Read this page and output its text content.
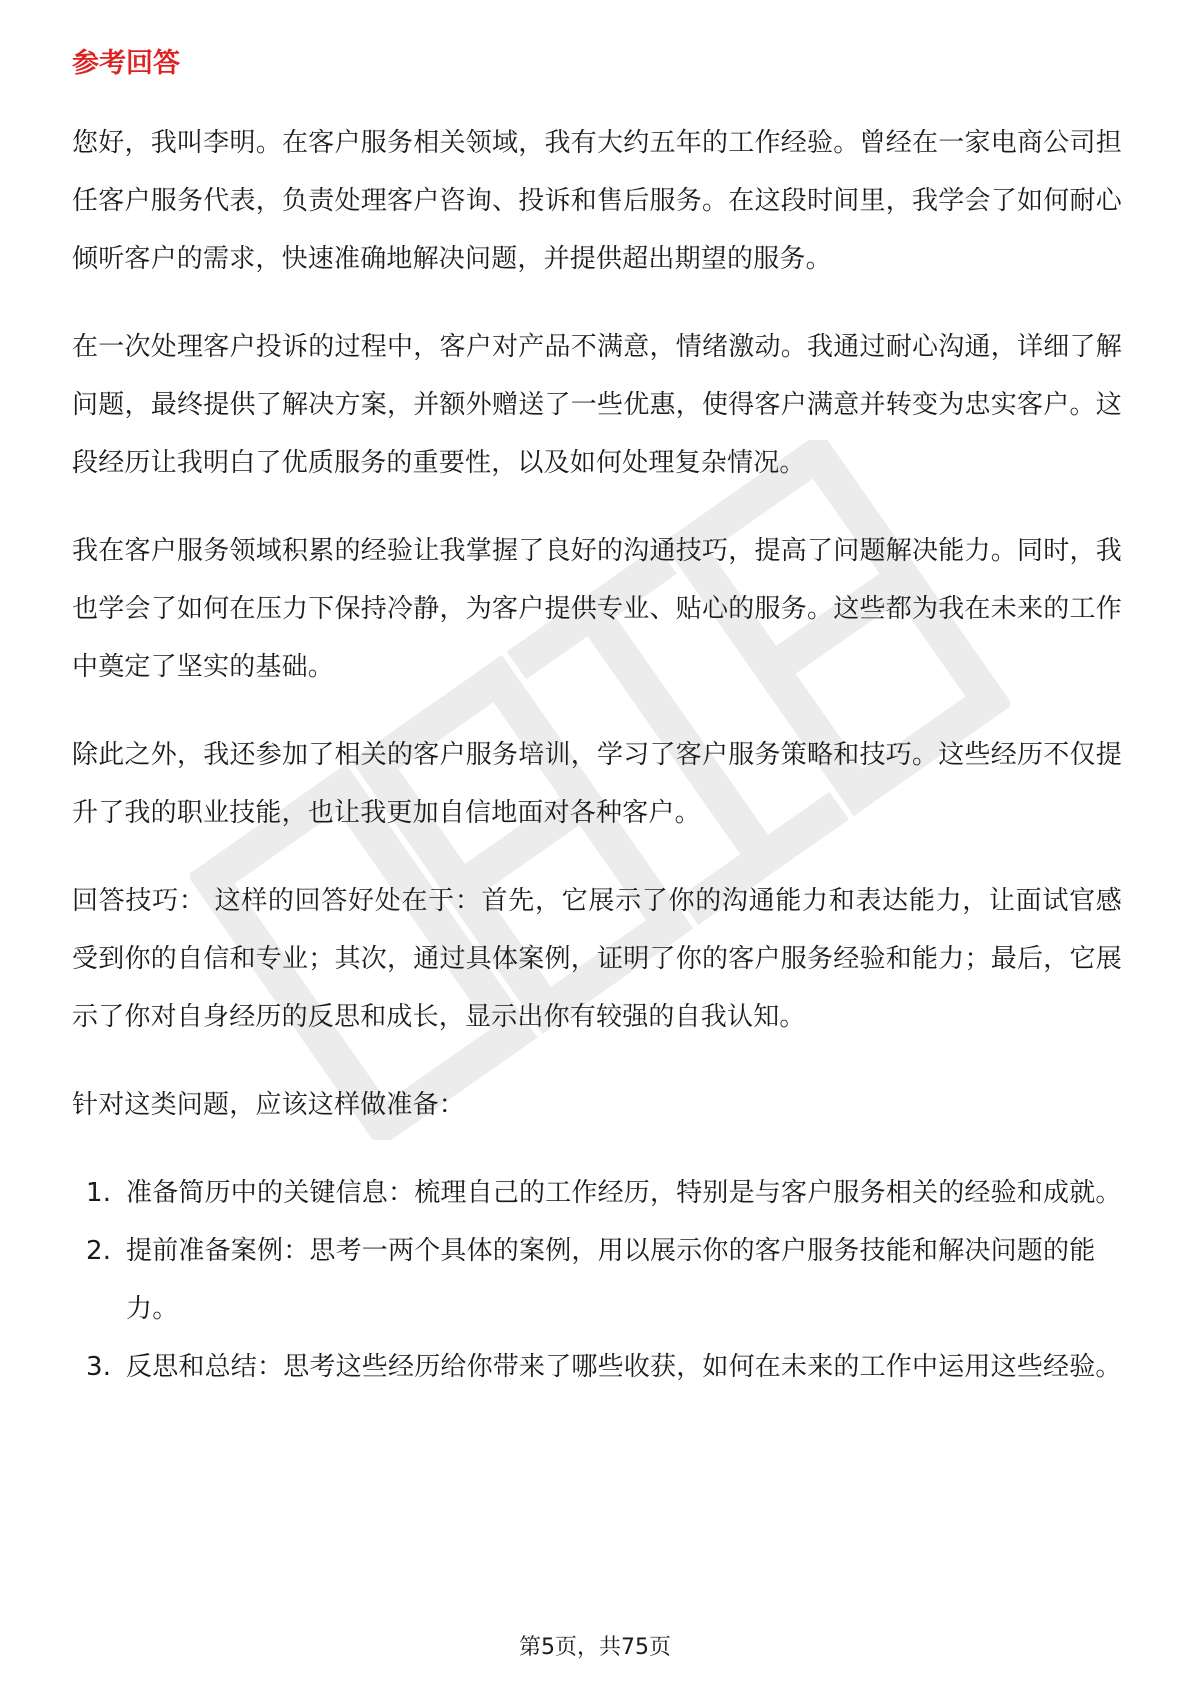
参考回答

您好，我叫李明。在客户服务相关领域，我有大约五年的工作经验。曾经在一家电商公司担任客户服务代表，负责处理客户咨询、投诉和售后服务。在这段时间里，我学会了如何耐心倾听客户的需求，快速准确地解决问题，并提供超出期望的服务。

在一次处理客户投诉的过程中，客户对产品不满意，情绪激动。我通过耐心沟通，详细了解问题，最终提供了解决方案，并额外赠送了一些优惠，使得客户满意并转变为忠实客户。这段经历让我明白了优质服务的重要性，以及如何处理复杂情况。

我在客户服务领域积累的经验让我掌握了良好的沟通技巧，提高了问题解决能力。同时，我也学会了如何在压力下保持冷静，为客户提供专业、贴心的服务。这些都为我在未来的工作中奠定了坚实的基础。

除此之外，我还参加了相关的客户服务培训，学习了客户服务策略和技巧。这些经历不仅提升了我的职业技能，也让我更加自信地面对各种客户。

回答技巧： 这样的回答好处在于：首先，它展示了你的沟通能力和表达能力，让面试官感受到你的自信和专业；其次，通过具体案例，证明了你的客户服务经验和能力；最后，它展示了你对自身经历的反思和成长，显示出你有较强的自我认知。

针对这类问题，应该这样做准备：

1. 准备简历中的关键信息：梳理自己的工作经历，特别是与客户服务相关的经验和成就。
2. 提前准备案例：思考一两个具体的案例，用以展示你的客户服务技能和解决问题的能力。
3. 反思和总结：思考这些经历给你带来了哪些收获，如何在未来的工作中运用这些经验。
第5页，共75页
